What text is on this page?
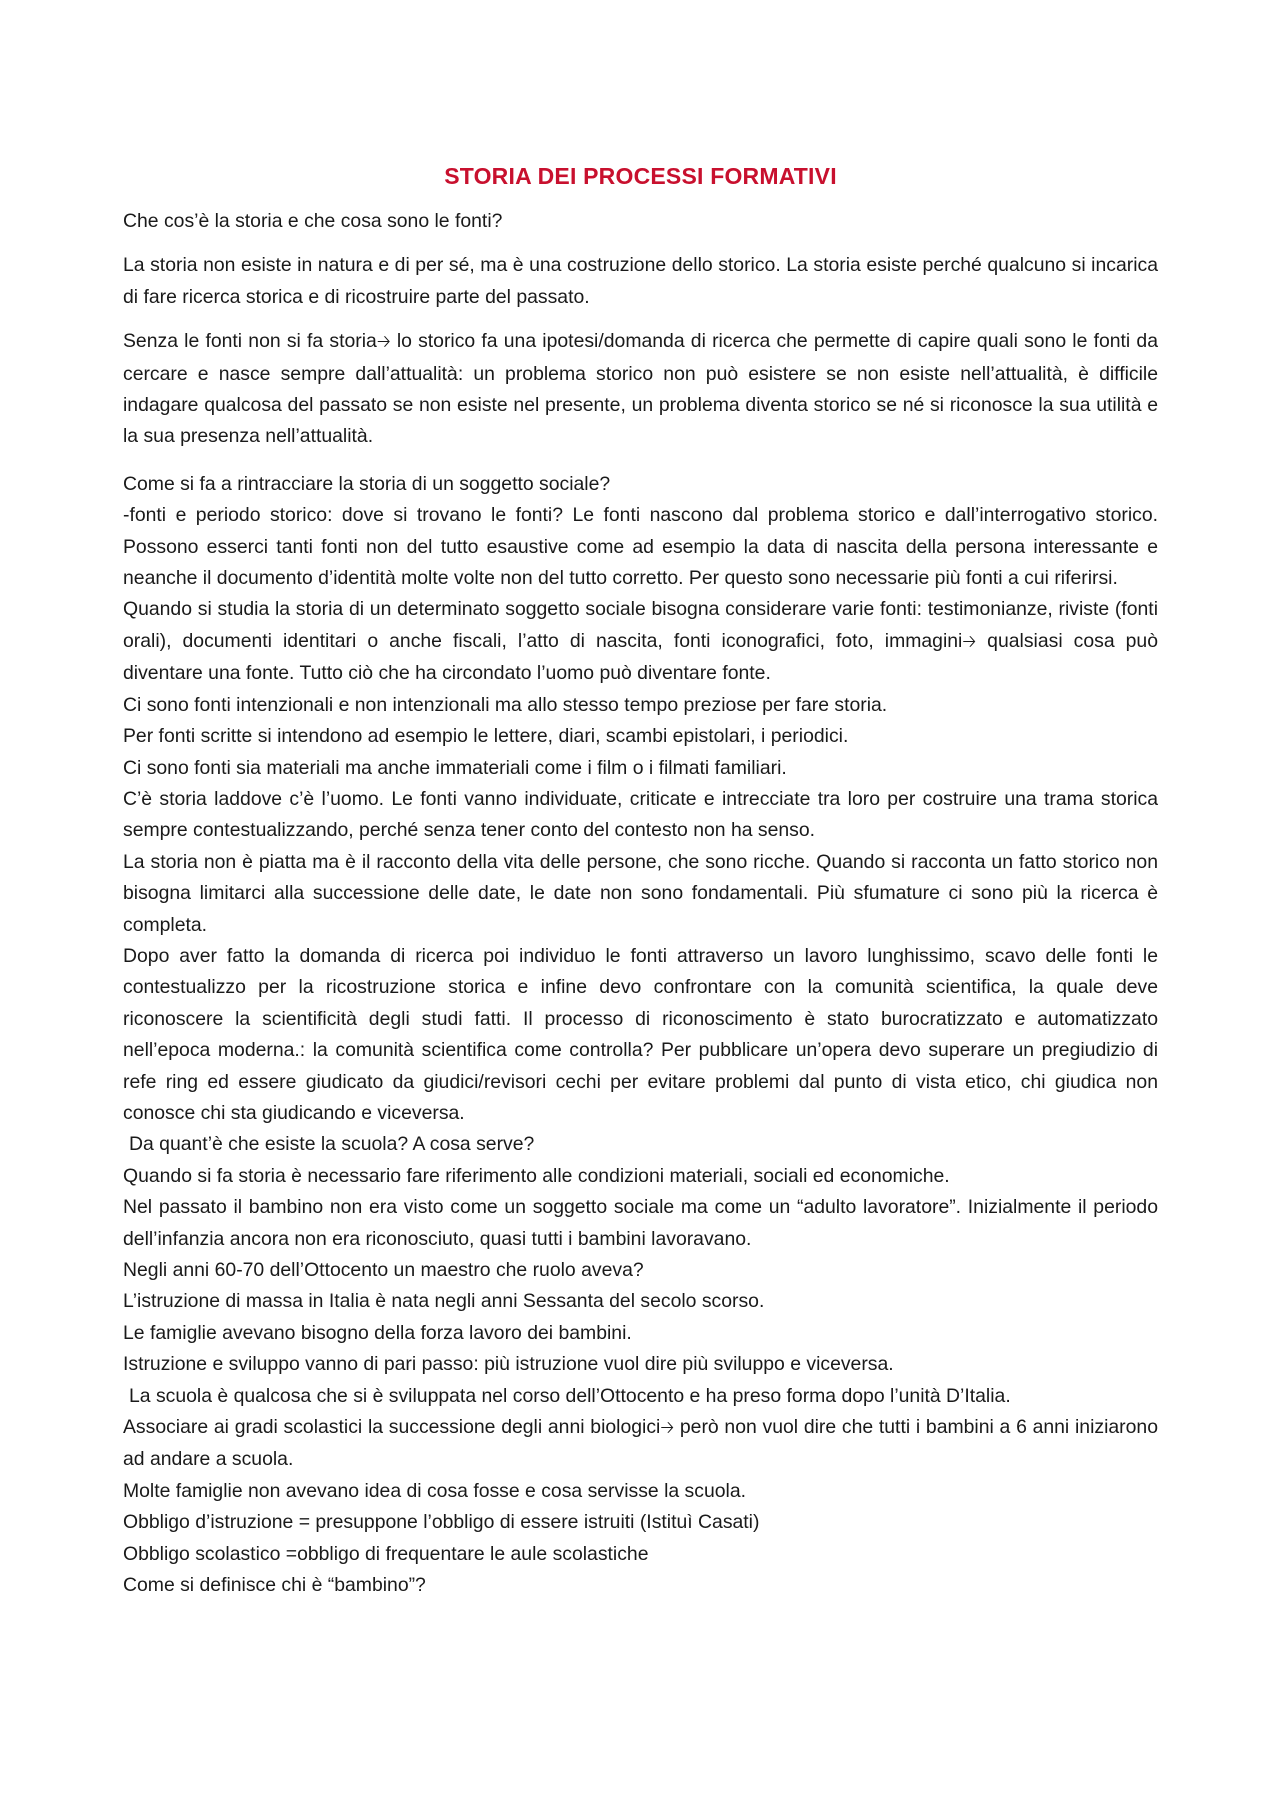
STORIA DEI PROCESSI FORMATIVI

Che cos’è la storia e che cosa sono le fonti?

La storia non esiste in natura e di per sé, ma è una costruzione dello storico. La storia esiste perché qualcuno si incarica di fare ricerca storica e di ricostruire parte del passato.

Senza le fonti non si fa storia🡢 lo storico fa una ipotesi/domanda di ricerca che permette di capire quali sono le fonti da cercare e nasce sempre dall’attualità: un problema storico non può esistere se non esiste nell’attualità, è difficile indagare qualcosa del passato se non esiste nel presente, un problema diventa storico se né si riconosce la sua utilità e la sua presenza nell’attualità.

Come si fa a rintracciare la storia di un soggetto sociale?

-fonti e periodo storico: dove si trovano le fonti? Le fonti nascono dal problema storico e dall’interrogativo storico. Possono esserci tanti fonti non del tutto esaustive come ad esempio la data di nascita della persona interessante e neanche il documento d’identità molte volte non del tutto corretto. Per questo sono necessarie più fonti a cui riferirsi.

Quando si studia la storia di un determinato soggetto sociale bisogna considerare varie fonti: testimonianze, riviste (fonti orali), documenti identitari o anche fiscali, l’atto di nascita, fonti iconografici, foto, immagini🡢 qualsiasi cosa può diventare una fonte. Tutto ciò che ha circondato l’uomo può diventare fonte.

Ci sono fonti intenzionali e non intenzionali ma allo stesso tempo preziose per fare storia.

Per fonti scritte si intendono ad esempio le lettere, diari, scambi epistolari, i periodici.

Ci sono fonti sia materiali ma anche immateriali come i film o i filmati familiari.

C’è storia laddove c’è l’uomo. Le fonti vanno individuate, criticate e intrecciate tra loro per costruire una trama storica sempre contestualizzando, perché senza tener conto del contesto non ha senso.

La storia non è piatta ma è il racconto della vita delle persone, che sono ricche. Quando si racconta un fatto storico non bisogna limitarci alla successione delle date, le date non sono fondamentali. Più sfumature ci sono più la ricerca è completa.

Dopo aver fatto la domanda di ricerca poi individuo le fonti attraverso un lavoro lunghissimo, scavo delle fonti le contestualizzo per la ricostruzione storica e infine devo confrontare con la comunità scientifica, la quale deve riconoscere la scientificità degli studi fatti. Il processo di riconoscimento è stato burocratizzato e automatizzato nell’epoca moderna.: la comunità scientifica come controlla? Per pubblicare un’opera devo superare un pregiudizio di refe ring ed essere giudicato da giudici/revisori cechi per evitare problemi dal punto di vista etico, chi giudica non conosce chi sta giudicando e viceversa.

Da quant’è che esiste la scuola? A cosa serve?

Quando si fa storia è necessario fare riferimento alle condizioni materiali, sociali ed economiche.

Nel passato il bambino non era visto come un soggetto sociale ma come un “adulto lavoratore”. Inizialmente il periodo dell’infanzia ancora non era riconosciuto, quasi tutti i bambini lavoravano.

Negli anni 60-70 dell’Ottocento un maestro che ruolo aveva?

L’istruzione di massa in Italia è nata negli anni Sessanta del secolo scorso.

Le famiglie avevano bisogno della forza lavoro dei bambini.

Istruzione e sviluppo vanno di pari passo: più istruzione vuol dire più sviluppo e viceversa.

La scuola è qualcosa che si è sviluppata nel corso dell’Ottocento e ha preso forma dopo l’unità D’Italia.

Associare ai gradi scolastici la successione degli anni biologici🡢 però non vuol dire che tutti i bambini a 6 anni iniziarono ad andare a scuola.

Molte famiglie non avevano idea di cosa fosse e cosa servisse la scuola.

Obbligo d’istruzione = presuppone l’obbligo di essere istruiti (Istituì Casati)

Obbligo scolastico =obbligo di frequentare le aule scolastiche

Come si definisce chi è “bambino”?
